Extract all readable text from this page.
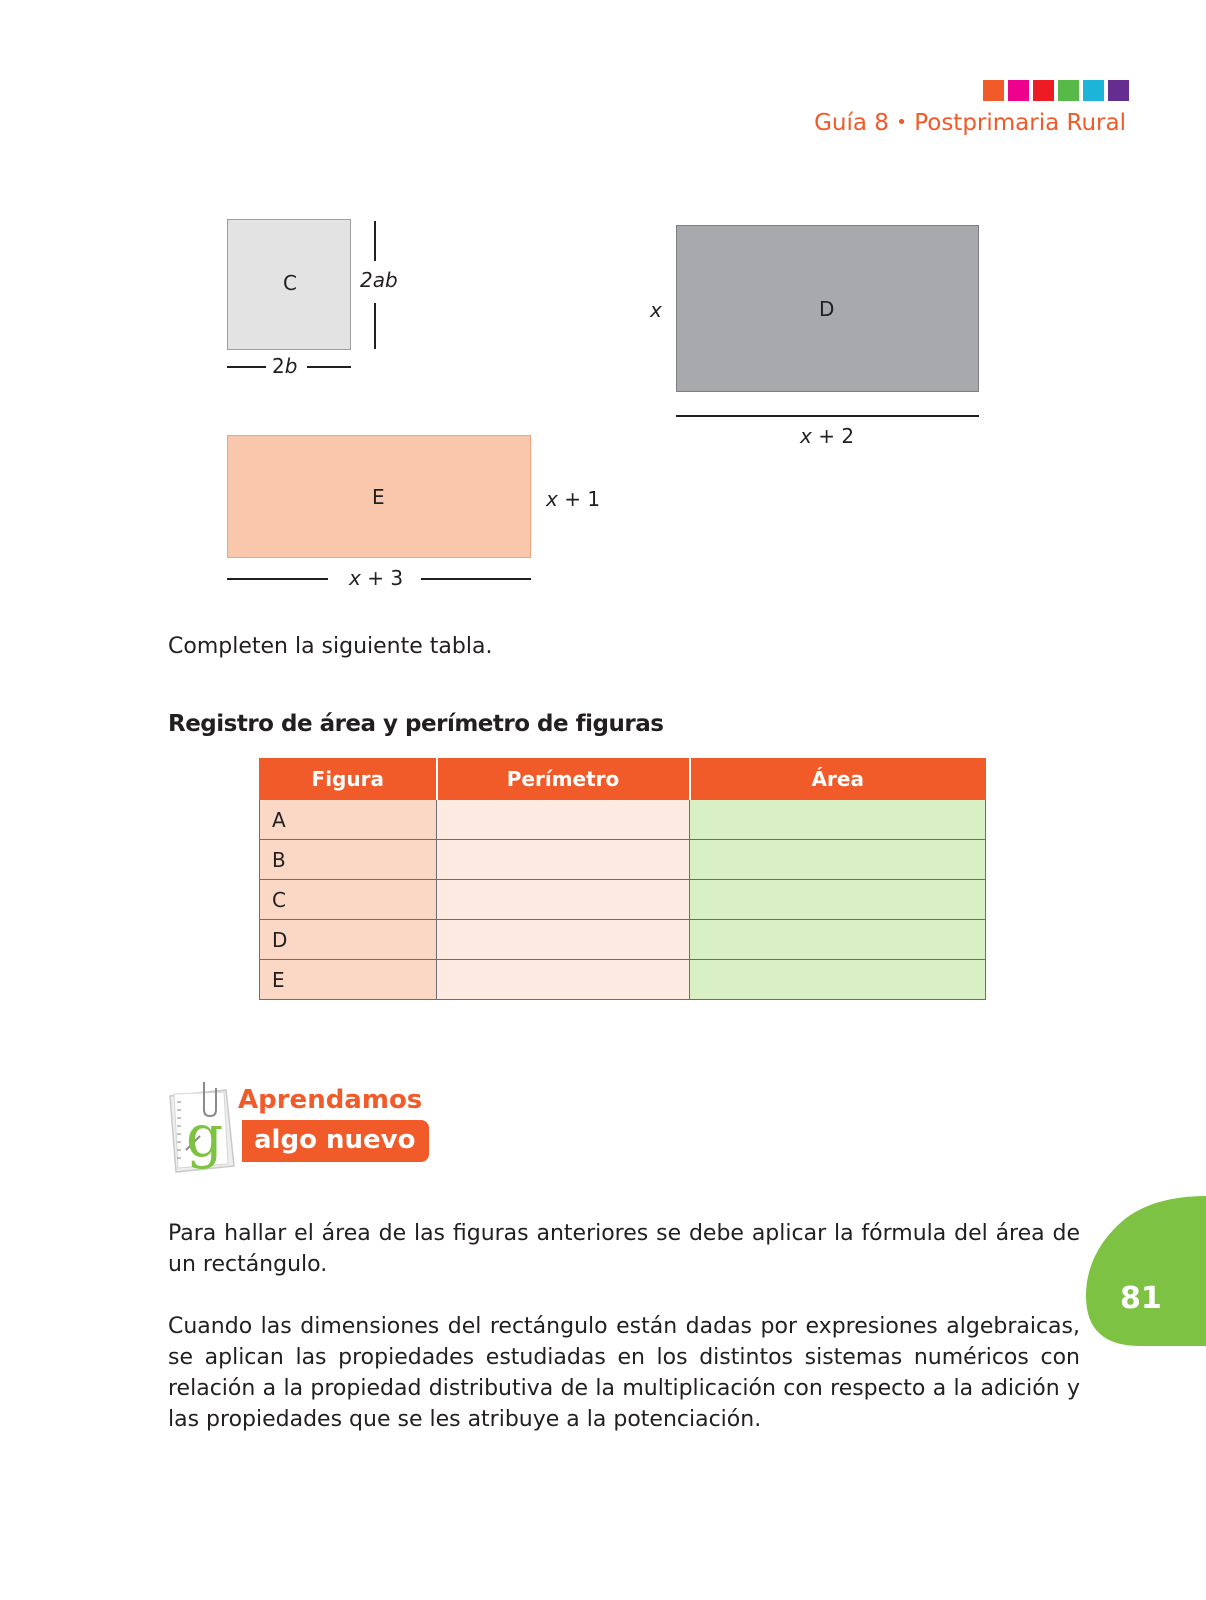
Guía 8 • Postprimaria Rural
C	2ab
2b
D
x
x + 2
E	x + 1
x + 3
Completen la siguiente tabla.
Registro de área y perímetro de figuras
Figura	Perímetro	Área
A		
B		
C		
D		
E		
g
Aprendamos
algo nuevo
Para hallar el área de las figuras anteriores se debe aplicar la fórmula del área de un rectángulo.
Cuando las dimensiones del rectángulo están dadas por expresiones algebraicas, se aplican las propiedades estudiadas en los distintos sistemas numéricos con relación a la propiedad distributiva de la multiplicación con respecto a la adición y las propiedades que se les atribuye a la potenciación.
81
